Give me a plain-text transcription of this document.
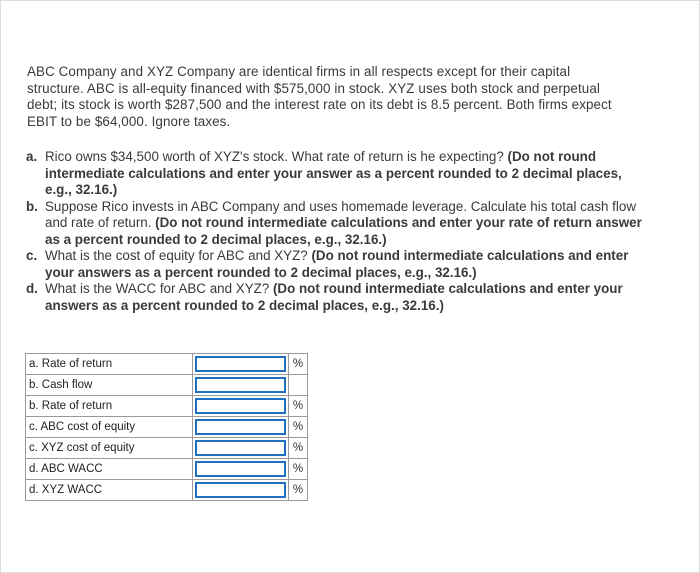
ABC Company and XYZ Company are identical firms in all respects except for their capital structure. ABC is all-equity financed with $575,000 in stock. XYZ uses both stock and perpetual debt; its stock is worth $287,500 and the interest rate on its debt is 8.5 percent. Both firms expect EBIT to be $64,000. Ignore taxes.

a. Rico owns $34,500 worth of XYZ's stock. What rate of return is he expecting? (Do not round intermediate calculations and enter your answer as a percent rounded to 2 decimal places, e.g., 32.16.)
b. Suppose Rico invests in ABC Company and uses homemade leverage. Calculate his total cash flow and rate of return. (Do not round intermediate calculations and enter your rate of return answer as a percent rounded to 2 decimal places, e.g., 32.16.)
c. What is the cost of equity for ABC and XYZ? (Do not round intermediate calculations and enter your answers as a percent rounded to 2 decimal places, e.g., 32.16.)
d. What is the WACC for ABC and XYZ? (Do not round intermediate calculations and enter your answers as a percent rounded to 2 decimal places, e.g., 32.16.)
a. Rate of return		%
b. Cash flow	

b. Rate of return		%
c. ABC cost of equity		%
c. XYZ cost of equity		%
d. ABC WACC		%
d. XYZ WACC		%
